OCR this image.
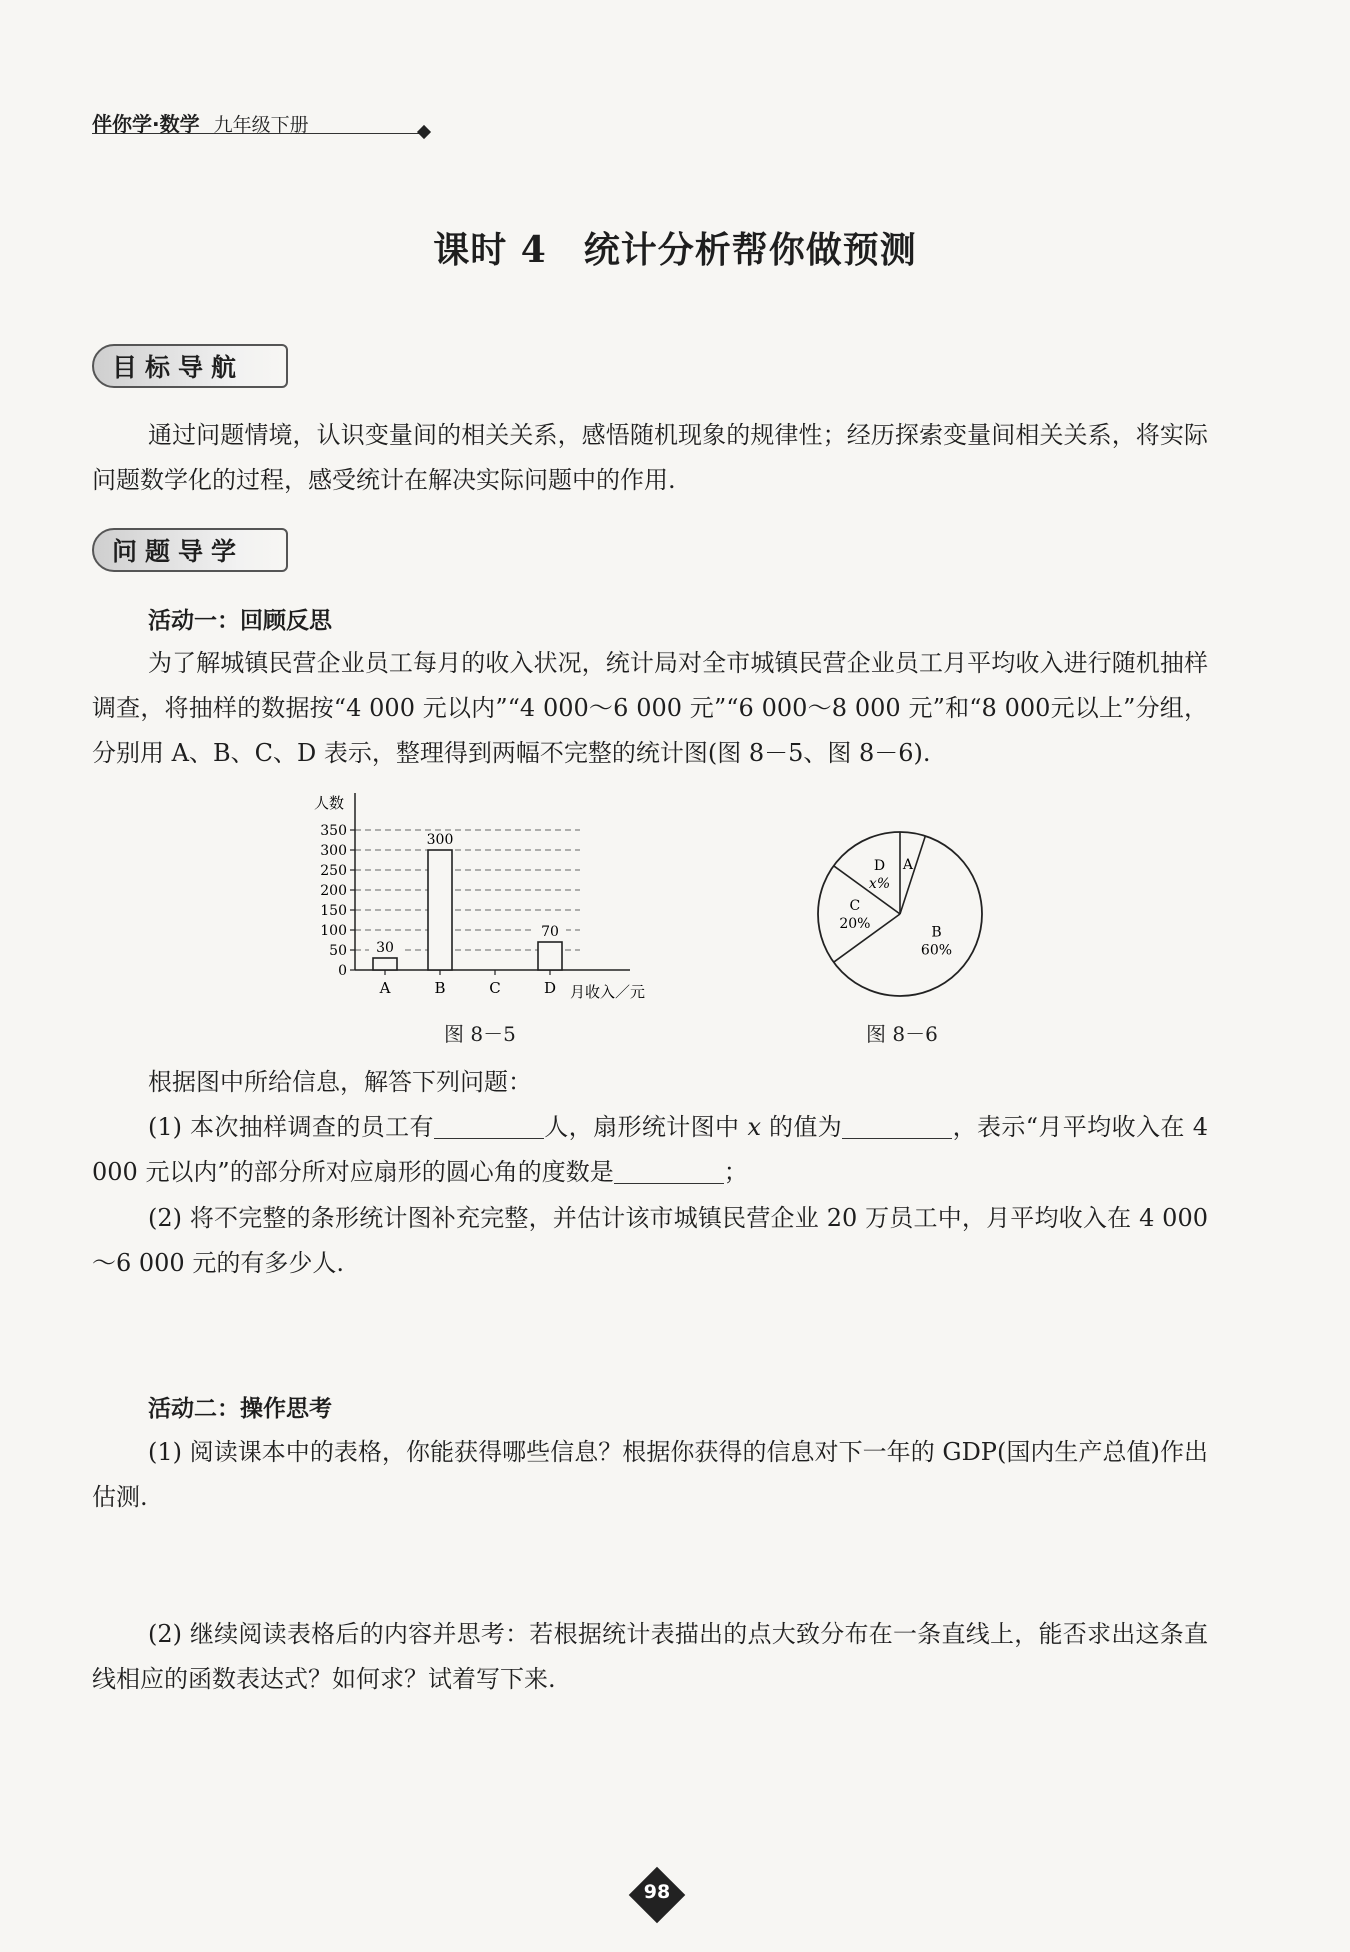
伴你学·数学 九年级下册
课时 4　统计分析帮你做预测
目标导航
通过问题情境，认识变量间的相关关系，感悟随机现象的规律性；经历探索变量间相关关系，将实际问题数学化的过程，感受统计在解决实际问题中的作用.
问题导学
活动一：回顾反思
为了解城镇民营企业员工每月的收入状况，统计局对全市城镇民营企业员工月平均收入进行随机抽样调查，将抽样的数据按“4 000 元以内”“4 000～6 000 元”“6 000～8 000 元”和“8 000元以上”分组，分别用 A、B、C、D 表示，整理得到两幅不完整的统计图(图 8－5、图 8－6).
0
50
100
150
200
250
300
350
人数
月收入／元
A
30
B
300
C	D
70
图 8－5
A
B
60%
C
20%
D
x%
图 8－6
根据图中所给信息，解答下列问题：
(1) 本次抽样调查的员工有	人，扇形统计图中 x 的值为	，表示“月平均收入在 4 000 元以内”的部分所对应扇形的圆心角的度数是	；
(2) 将不完整的条形统计图补充完整，并估计该市城镇民营企业 20 万员工中，月平均收入在 4 000～6 000 元的有多少人.
活动二：操作思考
(1) 阅读课本中的表格，你能获得哪些信息？根据你获得的信息对下一年的 GDP(国内生产总值)作出估测.
(2) 继续阅读表格后的内容并思考：若根据统计表描出的点大致分布在一条直线上，能否求出这条直线相应的函数表达式？如何求？试着写下来.
98
